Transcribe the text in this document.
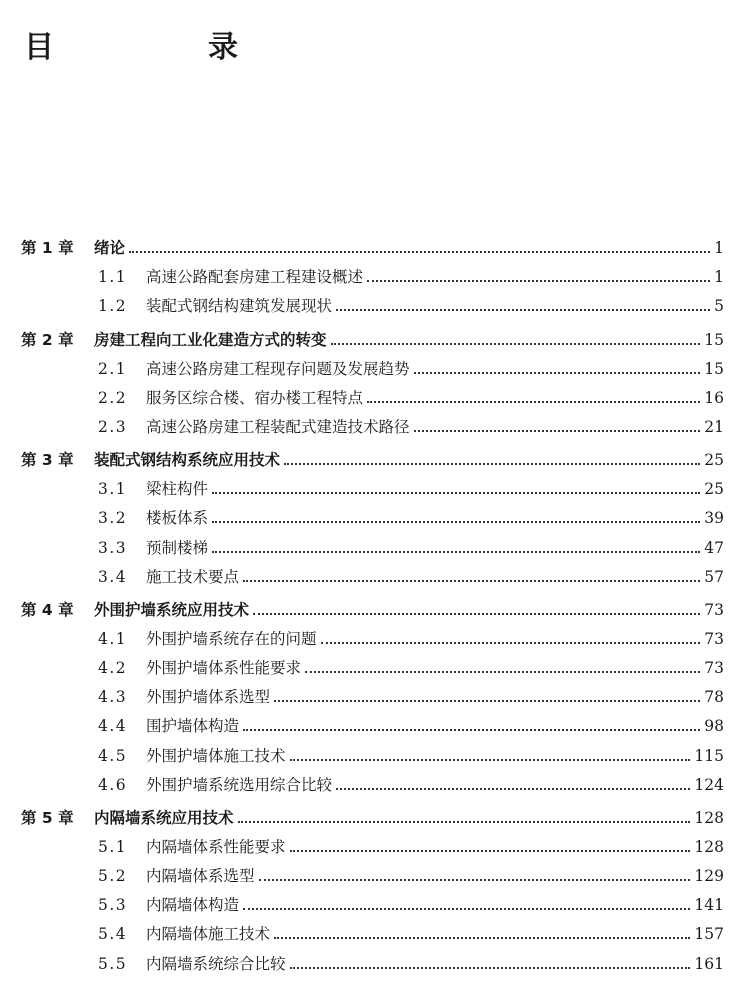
目　录
第 1 章	绪论	1
1.1	高速公路配套房建工程建设概述	1
1.2	装配式钢结构建筑发展现状	5
第 2 章	房建工程向工业化建造方式的转变	15
2.1	高速公路房建工程现存问题及发展趋势	15
2.2	服务区综合楼、宿办楼工程特点	16
2.3	高速公路房建工程装配式建造技术路径	21
第 3 章	装配式钢结构系统应用技术	25
3.1	梁柱构件	25
3.2	楼板体系	39
3.3	预制楼梯	47
3.4	施工技术要点	57
第 4 章	外围护墙系统应用技术	73
4.1	外围护墙系统存在的问题	73
4.2	外围护墙体系性能要求	73
4.3	外围护墙体系选型	78
4.4	围护墙体构造	98
4.5	外围护墙体施工技术	115
4.6	外围护墙系统选用综合比较	124
第 5 章	内隔墙系统应用技术	128
5.1	内隔墙体系性能要求	128
5.2	内隔墙体系选型	129
5.3	内隔墙体构造	141
5.4	内隔墙体施工技术	157
5.5	内隔墙系统综合比较	161
